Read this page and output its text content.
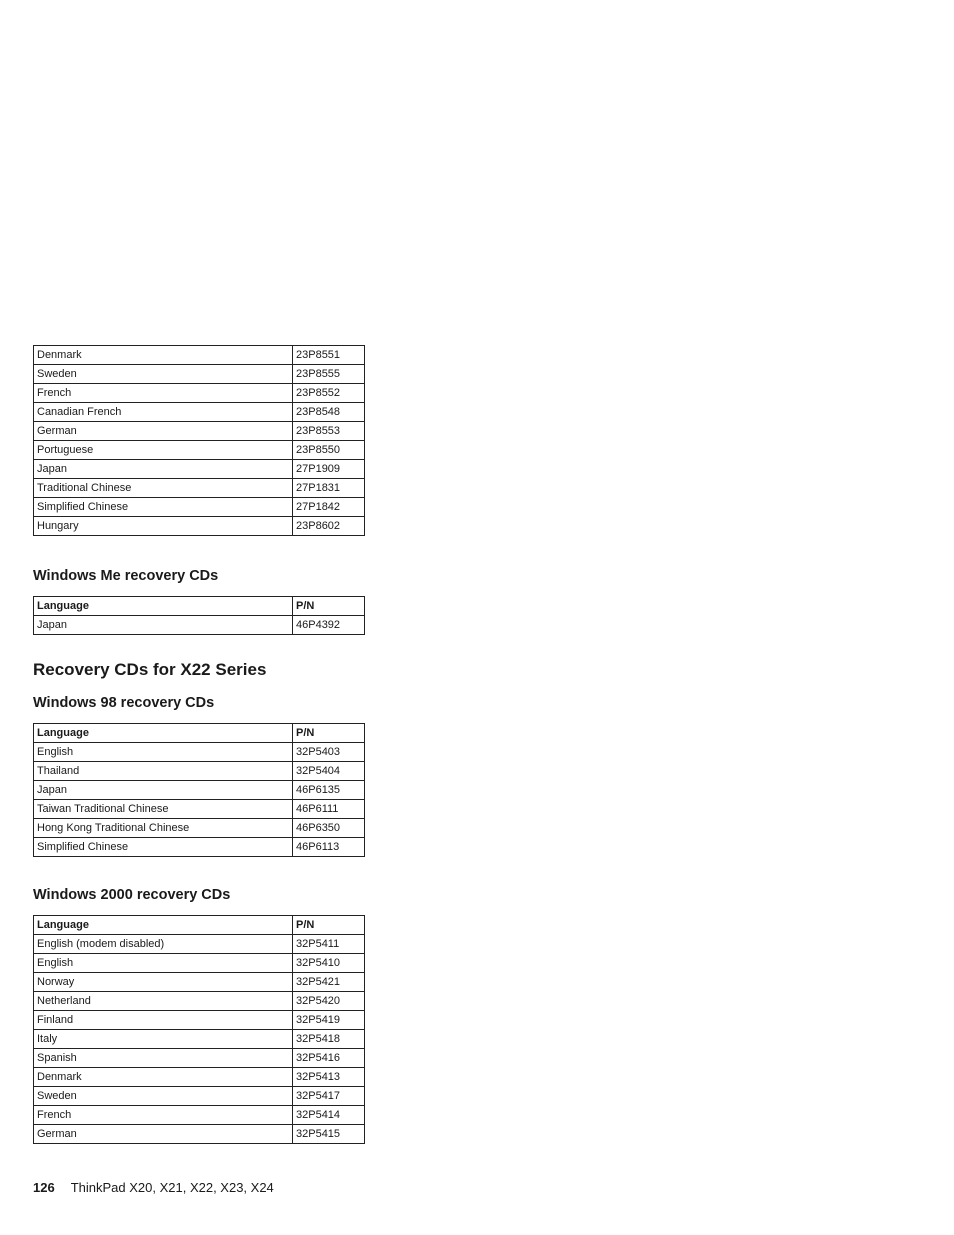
Denmark	23P8551
Sweden	23P8555
French	23P8552
Canadian French	23P8548
German	23P8553
Portuguese	23P8550
Japan	27P1909
Traditional Chinese	27P1831
Simplified Chinese	27P1842
Hungary	23P8602
Windows Me recovery CDs
Language	P/N
Japan	46P4392
Recovery CDs for X22 Series
Windows 98 recovery CDs
Language	P/N
English	32P5403
Thailand	32P5404
Japan	46P6135
Taiwan Traditional Chinese	46P6111
Hong Kong Traditional Chinese	46P6350
Simplified Chinese	46P6113
Windows 2000 recovery CDs
Language	P/N
English (modem disabled)	32P5411
English	32P5410
Norway	32P5421
Netherland	32P5420
Finland	32P5419
Italy	32P5418
Spanish	32P5416
Denmark	32P5413
Sweden	32P5417
French	32P5414
German	32P5415
126 ThinkPad X20, X21, X22, X23, X24
